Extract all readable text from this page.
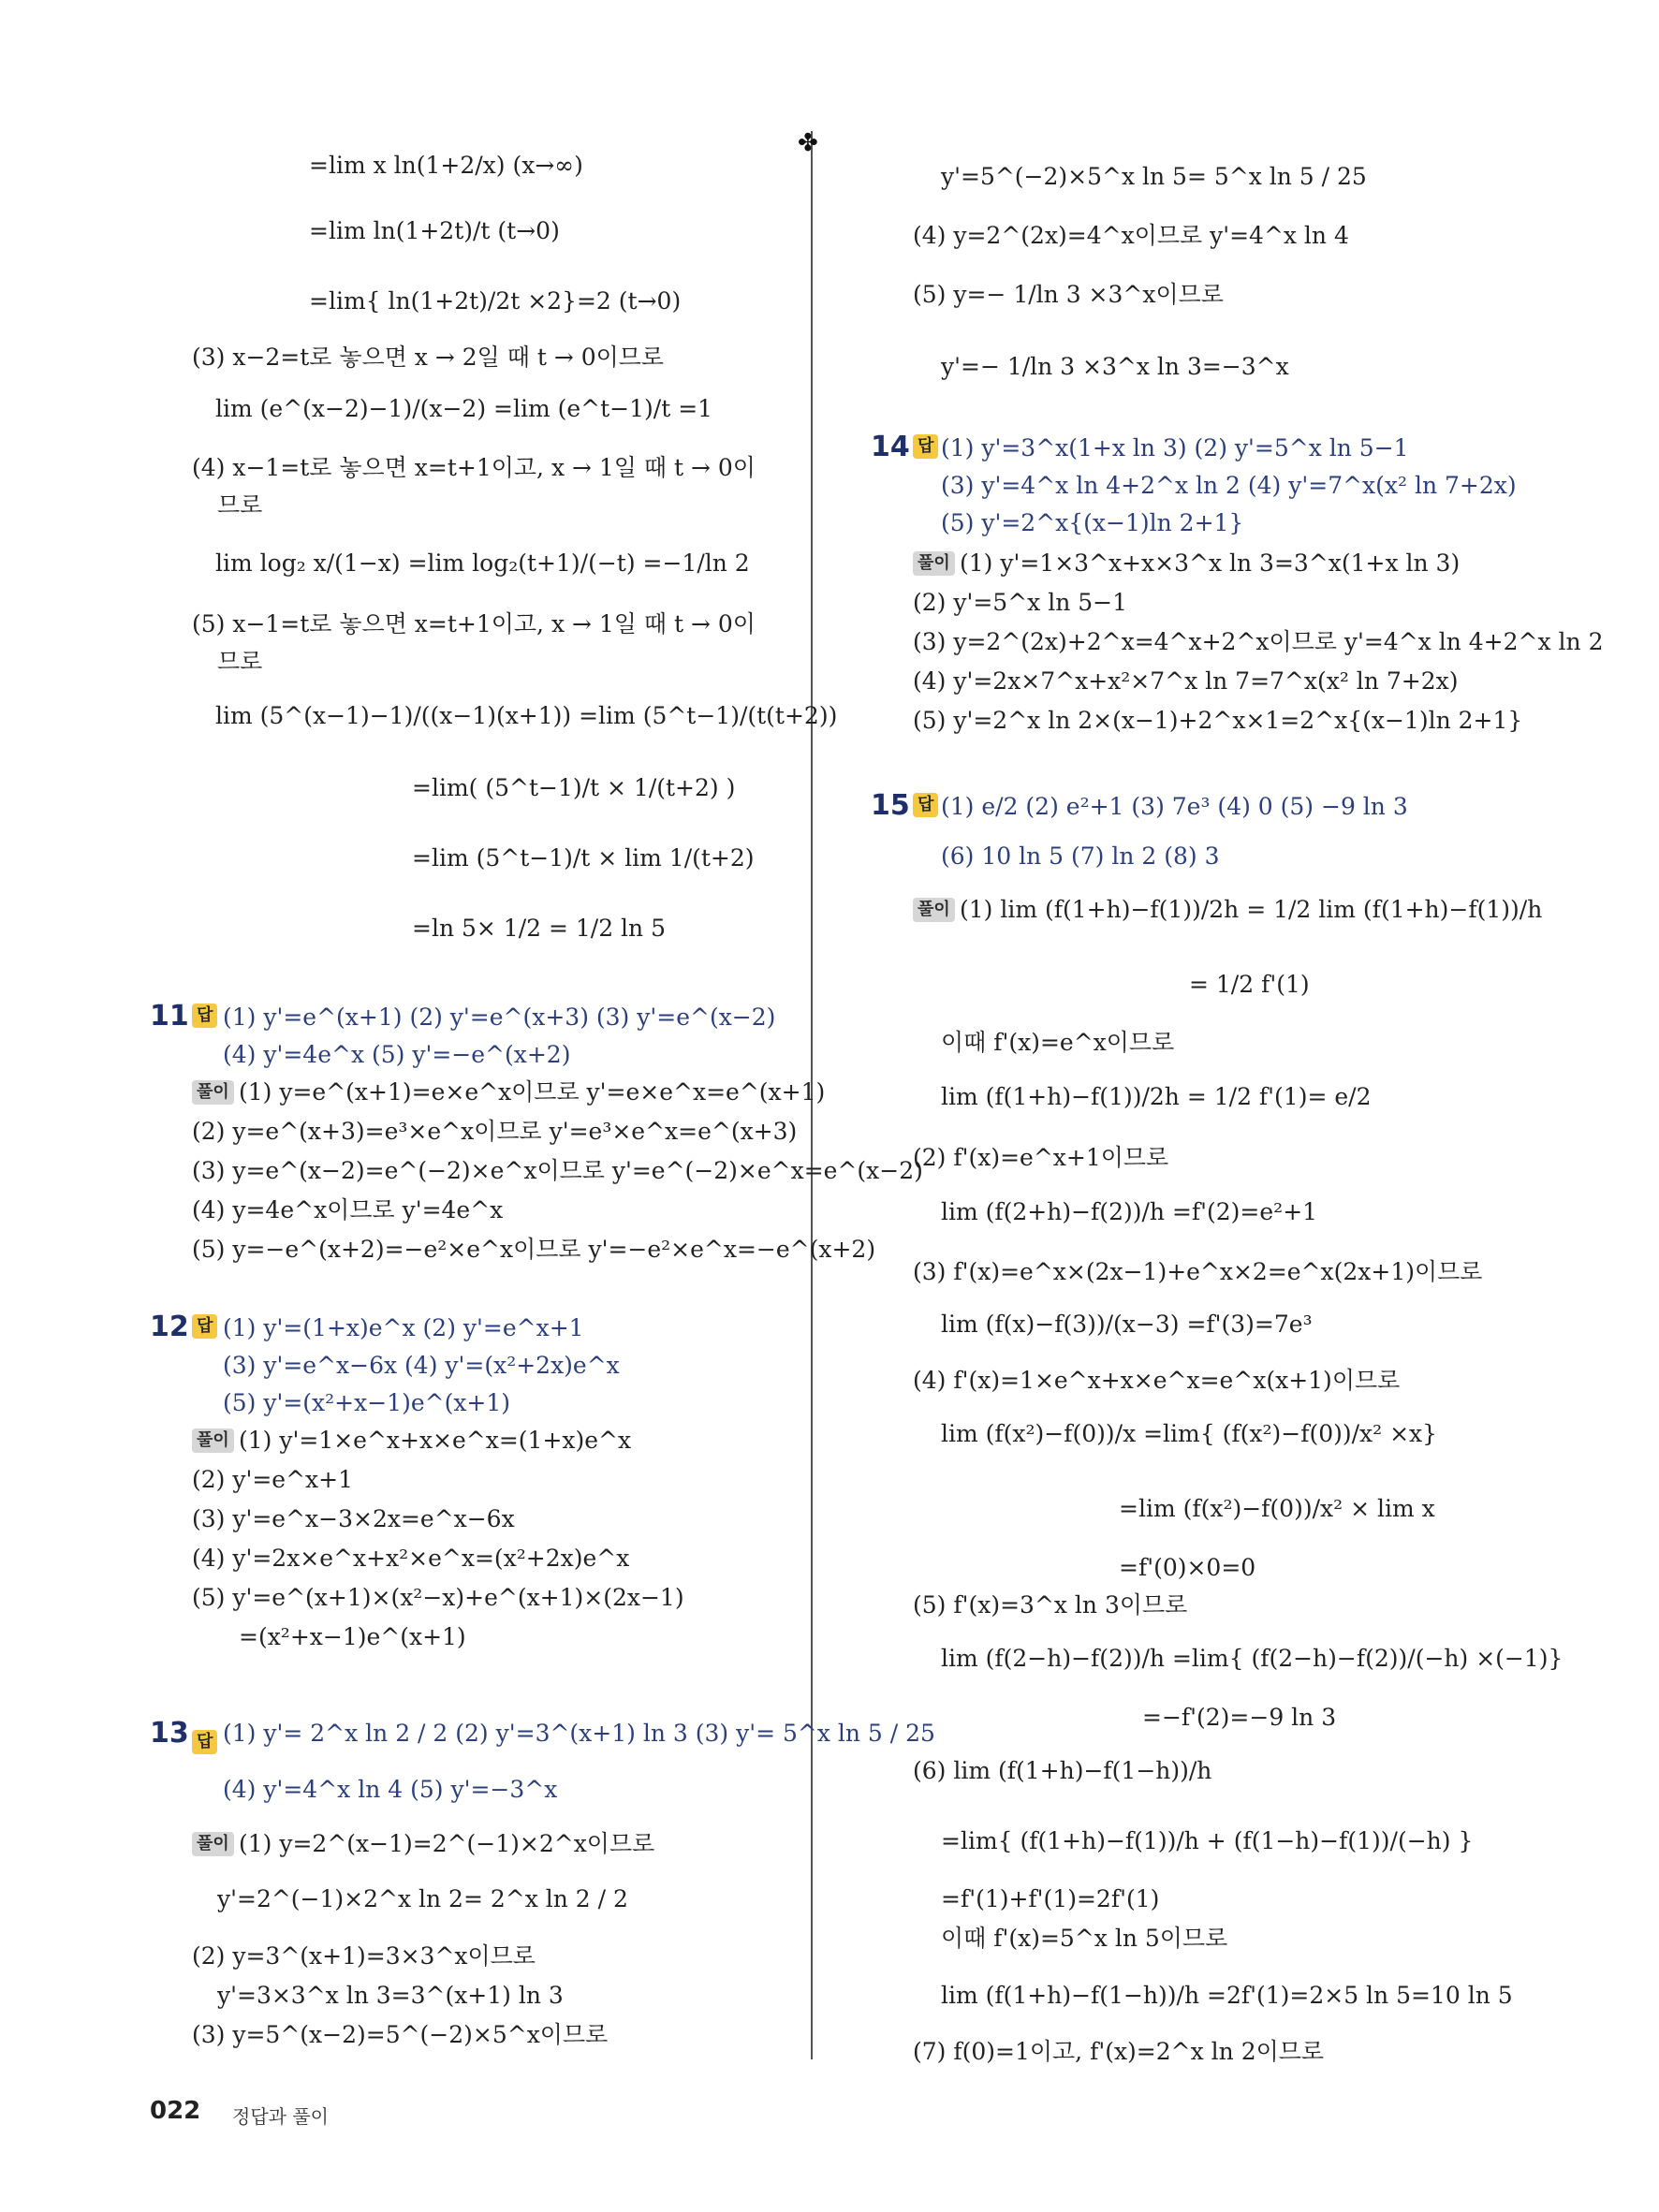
✤
=lim x ln(1+2/x) (x→∞)
=lim ln(1+2t)/t (t→0)
=lim{ ln(1+2t)/2t ×2}=2 (t→0)
(3) x−2=t로 놓으면 x → 2일 때 t → 0이므로
lim (e^(x−2)−1)/(x−2) =lim (e^t−1)/t =1
(4) x−1=t로 놓으면 x=t+1이고, x → 1일 때 t → 0이
므로
lim log₂ x/(1−x) =lim log₂(t+1)/(−t) =−1/ln 2
(5) x−1=t로 놓으면 x=t+1이고, x → 1일 때 t → 0이
므로
lim (5^(x−1)−1)/((x−1)(x+1)) =lim (5^t−1)/(t(t+2))
=lim( (5^t−1)/t × 1/(t+2) )
=lim (5^t−1)/t × lim 1/(t+2)
=ln 5× 1/2 = 1/2 ln 5
(1) y'=e^(x+1) (2) y'=e^(x+3) (3) y'=e^(x−2)
(4) y'=4e^x (5) y'=−e^(x+2)
(1) y=e^(x+1)=e×e^x이므로 y'=e×e^x=e^(x+1)
(2) y=e^(x+3)=e³×e^x이므로 y'=e³×e^x=e^(x+3)
(3) y=e^(x−2)=e^(−2)×e^x이므로 y'=e^(−2)×e^x=e^(x−2)
(4) y=4e^x이므로 y'=4e^x
(5) y=−e^(x+2)=−e²×e^x이므로 y'=−e²×e^x=−e^(x+2)
(1) y'=(1+x)e^x (2) y'=e^x+1
(3) y'=e^x−6x (4) y'=(x²+2x)e^x
(5) y'=(x²+x−1)e^(x+1)
(1) y'=1×e^x+x×e^x=(1+x)e^x
(2) y'=e^x+1
(3) y'=e^x−3×2x=e^x−6x
(4) y'=2x×e^x+x²×e^x=(x²+2x)e^x
(5) y'=e^(x+1)×(x²−x)+e^(x+1)×(2x−1)
=(x²+x−1)e^(x+1)
(1) y'= 2^x ln 2 / 2 (2) y'=3^(x+1) ln 3 (3) y'= 5^x ln 5 / 25
(4) y'=4^x ln 4 (5) y'=−3^x
(1) y=2^(x−1)=2^(−1)×2^x이므로
y'=2^(−1)×2^x ln 2= 2^x ln 2 / 2
(2) y=3^(x+1)=3×3^x이므로
y'=3×3^x ln 3=3^(x+1) ln 3
(3) y=5^(x−2)=5^(−2)×5^x이므로
y'=5^(−2)×5^x ln 5= 5^x ln 5 / 25
(4) y=2^(2x)=4^x이므로 y'=4^x ln 4
(5) y=− 1/ln 3 ×3^x이므로
y'=− 1/ln 3 ×3^x ln 3=−3^x
(1) y'=3^x(1+x ln 3) (2) y'=5^x ln 5−1
(3) y'=4^x ln 4+2^x ln 2 (4) y'=7^x(x² ln 7+2x)
(5) y'=2^x{(x−1)ln 2+1}
(1) y'=1×3^x+x×3^x ln 3=3^x(1+x ln 3)
(2) y'=5^x ln 5−1
(3) y=2^(2x)+2^x=4^x+2^x이므로 y'=4^x ln 4+2^x ln 2
(4) y'=2x×7^x+x²×7^x ln 7=7^x(x² ln 7+2x)
(5) y'=2^x ln 2×(x−1)+2^x×1=2^x{(x−1)ln 2+1}
(1) e/2 (2) e²+1 (3) 7e³ (4) 0 (5) −9 ln 3
(6) 10 ln 5 (7) ln 2 (8) 3
(1) lim (f(1+h)−f(1))/2h = 1/2 lim (f(1+h)−f(1))/h
= 1/2 f'(1)
이때 f'(x)=e^x이므로
lim (f(1+h)−f(1))/2h = 1/2 f'(1)= e/2
(2) f'(x)=e^x+1이므로
lim (f(2+h)−f(2))/h =f'(2)=e²+1
(3) f'(x)=e^x×(2x−1)+e^x×2=e^x(2x+1)이므로
lim (f(x)−f(3))/(x−3) =f'(3)=7e³
(4) f'(x)=1×e^x+x×e^x=e^x(x+1)이므로
lim (f(x²)−f(0))/x =lim{ (f(x²)−f(0))/x² ×x}
=lim (f(x²)−f(0))/x² × lim x
=f'(0)×0=0
(5) f'(x)=3^x ln 3이므로
lim (f(2−h)−f(2))/h =lim{ (f(2−h)−f(2))/(−h) ×(−1)}
=−f'(2)=−9 ln 3
(6) lim (f(1+h)−f(1−h))/h
=lim{ (f(1+h)−f(1))/h + (f(1−h)−f(1))/(−h) }
=f'(1)+f'(1)=2f'(1)
이때 f'(x)=5^x ln 5이므로
lim (f(1+h)−f(1−h))/h =2f'(1)=2×5 ln 5=10 ln 5
(7) f(0)=1이고, f'(x)=2^x ln 2이므로
11
12
13
14
15
답
풀이
답
풀이
답
풀이
답
풀이
답
풀이
022 정답과 풀이
